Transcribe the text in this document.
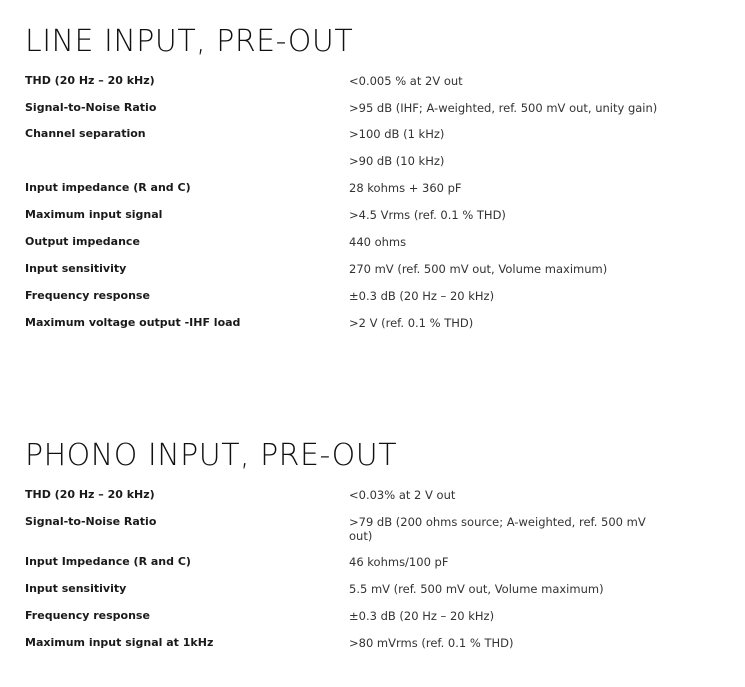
LINE INPUT, PRE-OUT
THD (20 Hz – 20 kHz)	<0.005 % at 2V out
Signal-to-Noise Ratio	>95 dB (IHF; A-weighted, ref. 500 mV out, unity gain)
Channel separation	>100 dB (1 kHz)
>90 dB (10 kHz)
Input impedance (R and C)	28 kohms + 360 pF
Maximum input signal	>4.5 Vrms (ref. 0.1 % THD)
Output impedance	440 ohms
Input sensitivity	270 mV (ref. 500 mV out, Volume maximum)
Frequency response	±0.3 dB (20 Hz – 20 kHz)
Maximum voltage output -IHF load	>2 V (ref. 0.1 % THD)
PHONO INPUT, PRE-OUT
THD (20 Hz – 20 kHz)	<0.03% at 2 V out
Signal-to-Noise Ratio	>79 dB (200 ohms source; A-weighted, ref. 500 mV out)
Input Impedance (R and C)	46 kohms/100 pF
Input sensitivity	5.5 mV (ref. 500 mV out, Volume maximum)
Frequency response	±0.3 dB (20 Hz – 20 kHz)
Maximum input signal at 1kHz	>80 mVrms (ref. 0.1 % THD)
